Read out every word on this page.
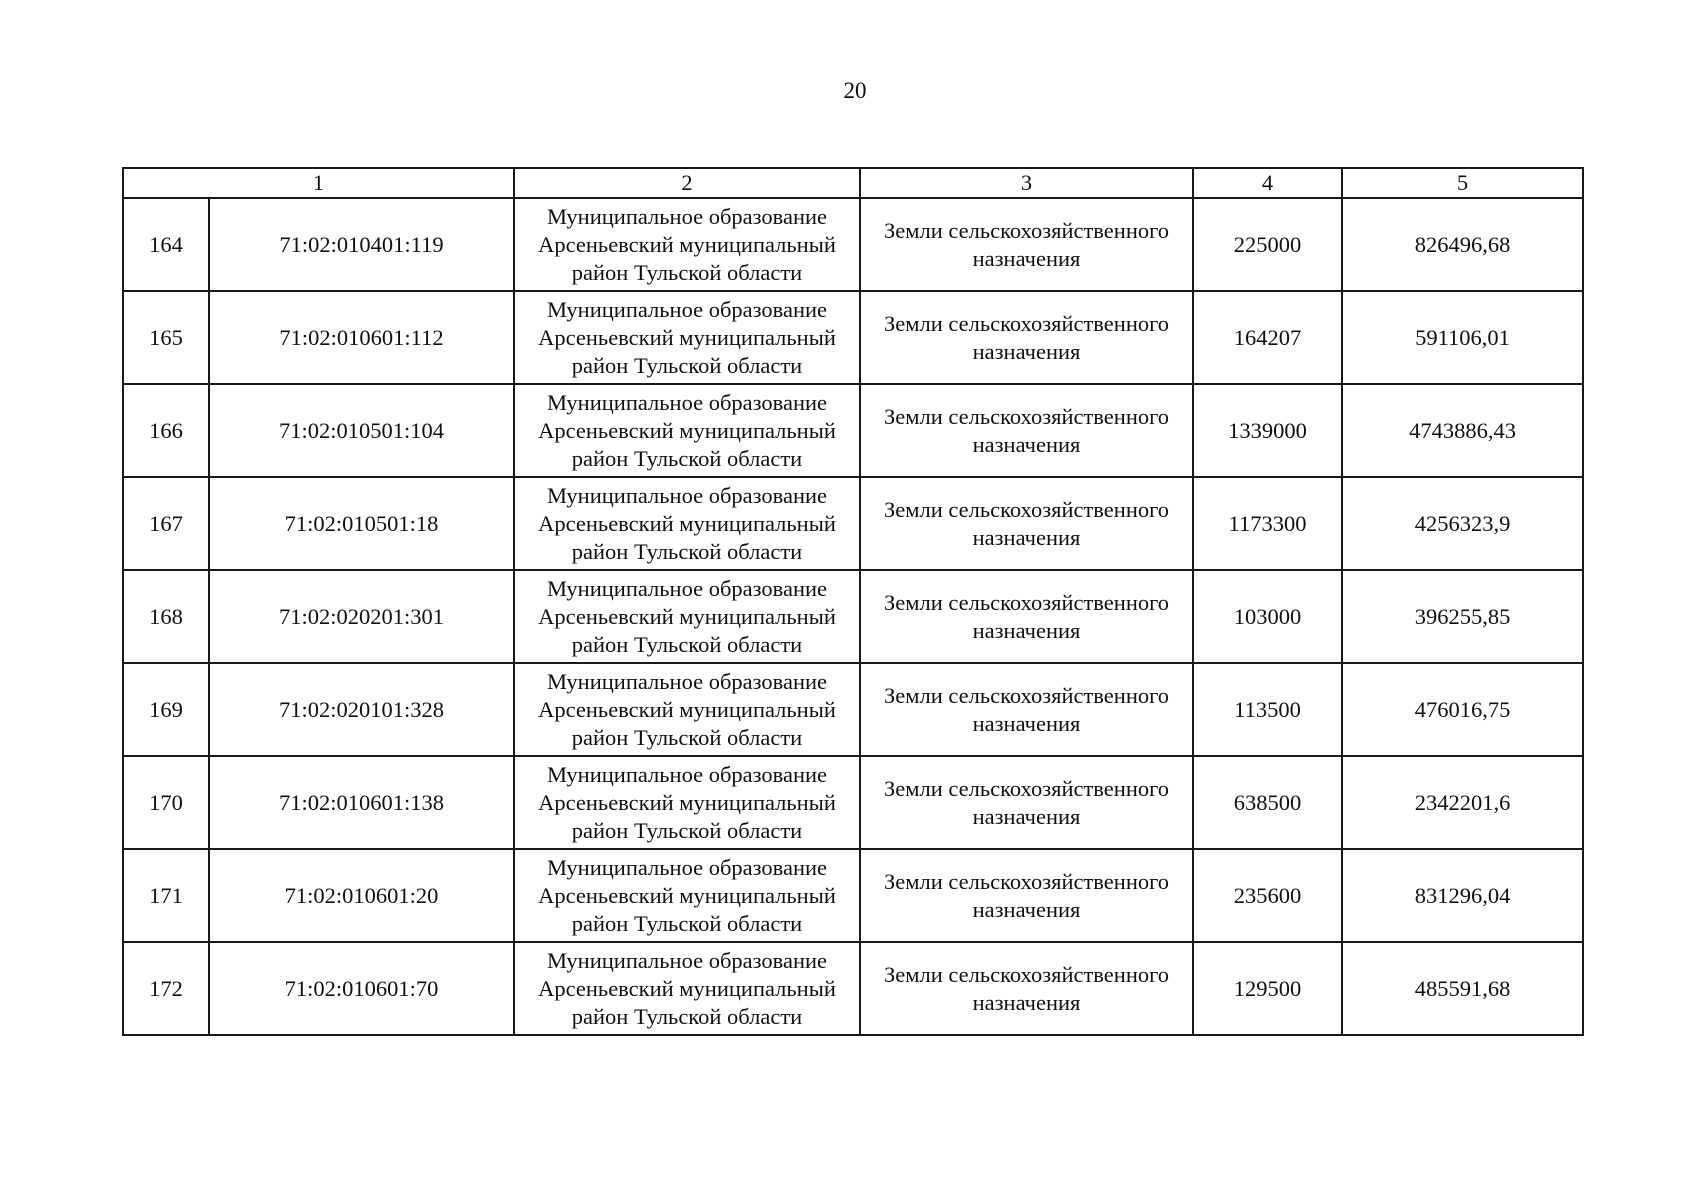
20
1		2	3	4	5
164	71:02:010401:119	Муниципальное образование Арсеньевский муниципальный район Тульской области	Земли сельскохозяйственного назначения	225000	826496,68
165	71:02:010601:112	Муниципальное образование Арсеньевский муниципальный район Тульской области	Земли сельскохозяйственного назначения	164207	591106,01
166	71:02:010501:104	Муниципальное образование Арсеньевский муниципальный район Тульской области	Земли сельскохозяйственного назначения	1339000	4743886,43
167	71:02:010501:18	Муниципальное образование Арсеньевский муниципальный район Тульской области	Земли сельскохозяйственного назначения	1173300	4256323,9
168	71:02:020201:301	Муниципальное образование Арсеньевский муниципальный район Тульской области	Земли сельскохозяйственного назначения	103000	396255,85
169	71:02:020101:328	Муниципальное образование Арсеньевский муниципальный район Тульской области	Земли сельскохозяйственного назначения	113500	476016,75
170	71:02:010601:138	Муниципальное образование Арсеньевский муниципальный район Тульской области	Земли сельскохозяйственного назначения	638500	2342201,6
171	71:02:010601:20	Муниципальное образование Арсеньевский муниципальный район Тульской области	Земли сельскохозяйственного назначения	235600	831296,04
172	71:02:010601:70	Муниципальное образование Арсеньевский муниципальный район Тульской области	Земли сельскохозяйственного назначения	129500	485591,68
